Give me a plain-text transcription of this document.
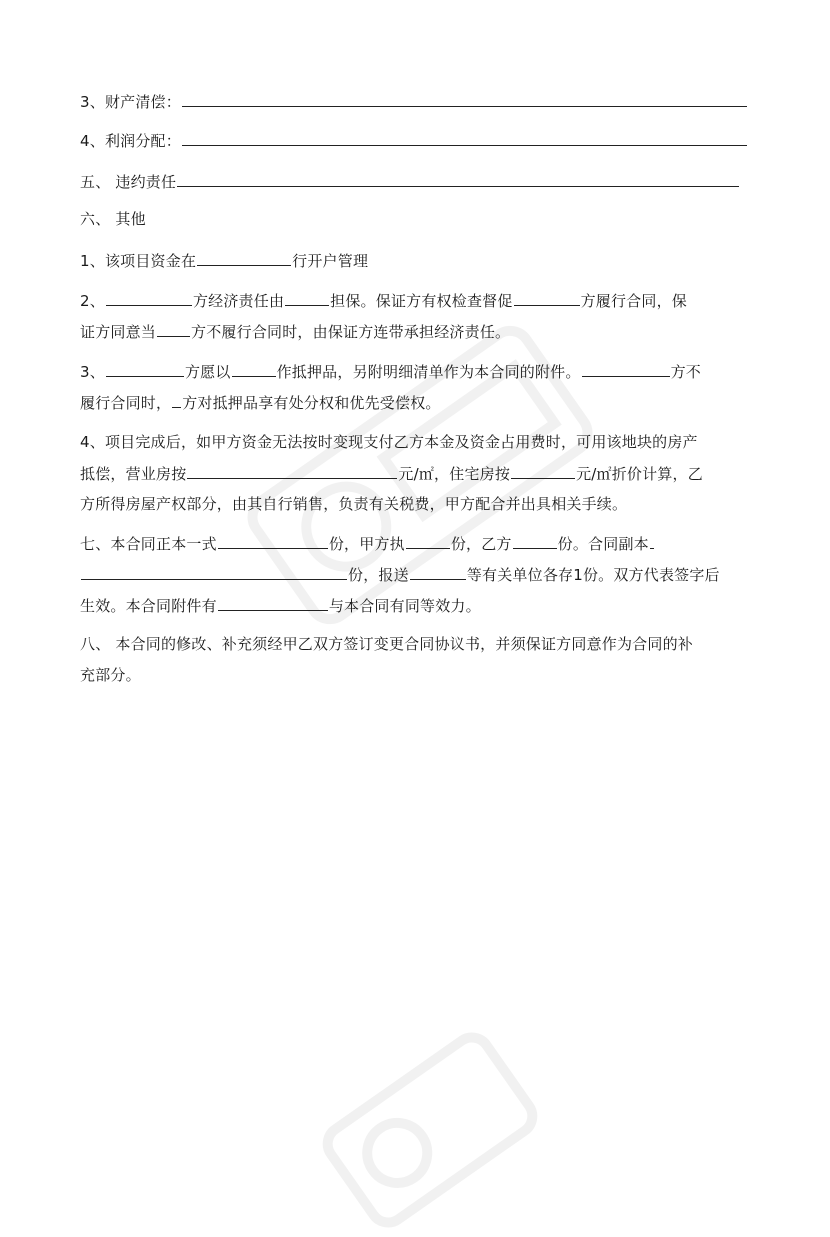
3、财产清偿：
4、利润分配：
五、 违约责任
六、 其他
1、该项目资金在	行开户管理
2、	方经济责任由	担保。保证方有权检查督促	方履行合同，保
证方同意当 方不履行合同时，由保证方连带承担经济责任。
3、	方愿以	作抵押品，另附明细清单作为本合同的附件。	方不
履行合同时， 方对抵押品享有处分权和优先受偿权。
4、项目完成后，如甲方资金无法按时变现支付乙方本金及资金占用费时，可用该地块的房产
抵偿，营业房按	元/㎡，住宅房按	元/㎡折价计算，乙
方所得房屋产权部分，由其自行销售，负责有关税费，甲方配合并出具相关手续。
七、本合同正本一式	份，甲方执	份，乙方	份。合同副本
份，报送	等有关单位各存1份。双方代表签字后
生效。本合同附件有	与本合同有同等效力。
八、 本合同的修改、补充须经甲乙双方签订变更合同协议书，并须保证方同意作为合同的补
充部分。
